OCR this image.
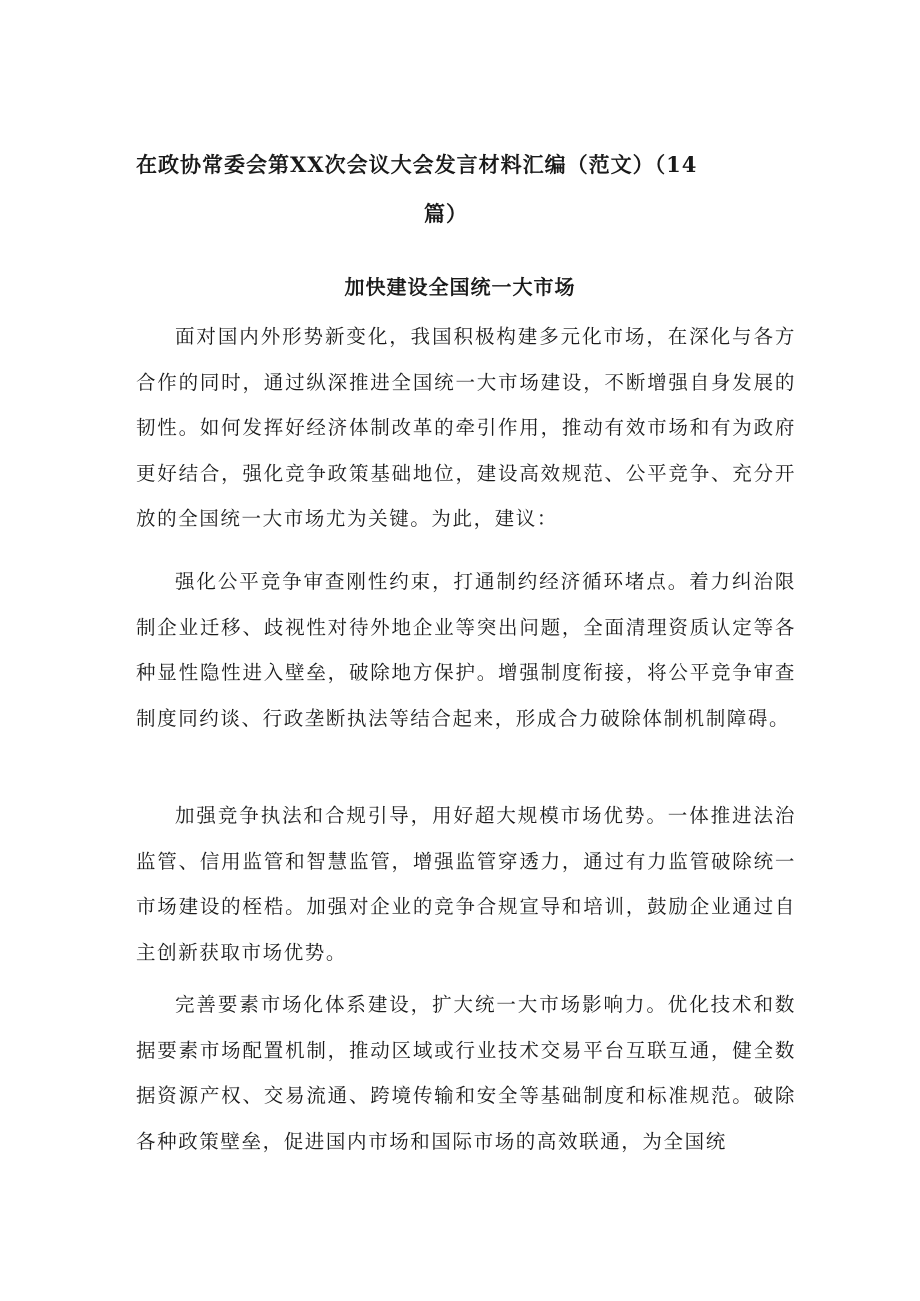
在政协常委会第XX次会议大会发言材料汇编（范文）（14
篇）
加快建设全国统一大市场

面对国内外形势新变化，我国积极构建多元化市场，在深化与各方合作的同时，通过纵深推进全国统一大市场建设，不断增强自身发展的韧性。如何发挥好经济体制改革的牵引作用，推动有效市场和有为政府更好结合，强化竞争政策基础地位，建设高效规范、公平竞争、充分开放的全国统一大市场尤为关键。为此，建议：

强化公平竞争审查刚性约束，打通制约经济循环堵点。着力纠治限制企业迁移、歧视性对待外地企业等突出问题，全面清理资质认定等各种显性隐性进入壁垒，破除地方保护。增强制度衔接，将公平竞争审查制度同约谈、行政垄断执法等结合起来，形成合力破除体制机制障碍。

加强竞争执法和合规引导，用好超大规模市场优势。一体推进法治监管、信用监管和智慧监管，增强监管穿透力，通过有力监管破除统一市场建设的桎梏。加强对企业的竞争合规宣导和培训，鼓励企业通过自主创新获取市场优势。

完善要素市场化体系建设，扩大统一大市场影响力。优化技术和数据要素市场配置机制，推动区域或行业技术交易平台互联互通，健全数据资源产权、交易流通、跨境传输和安全等基础制度和标准规范。破除各种政策壁垒，促进国内市场和国际市场的高效联通，为全国统
